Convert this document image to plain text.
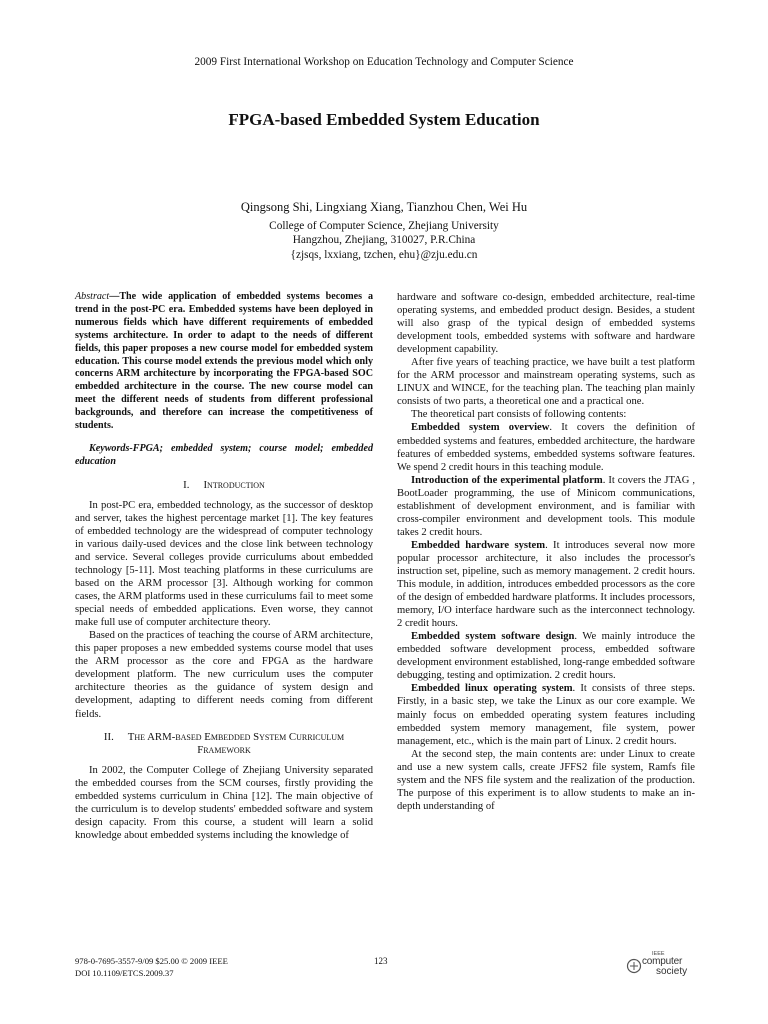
2009 First International Workshop on Education Technology and Computer Science
FPGA-based Embedded System Education
Qingsong Shi, Lingxiang Xiang, Tianzhou Chen, Wei Hu
College of Computer Science, Zhejiang University
Hangzhou, Zhejiang, 310027, P.R.China
{zjsqs, lxxiang, tzchen, ehu}@zju.edu.cn

Abstract—The wide application of embedded systems becomes a trend in the post-PC era. Embedded systems have been deployed in numerous fields which have different requirements of embedded systems architecture. In order to adapt to the needs of different fields, this paper proposes a new course model for embedded system education. This course model extends the previous model which only concerns ARM architecture by incorporating the FPGA-based SOC embedded architecture in the course. The new course model can meet the different needs of students from different professional backgrounds, and therefore can increase the competitiveness of students.

Keywords-FPGA; embedded system; course model; embedded education

I. Introduction

In post-PC era, embedded technology, as the successor of desktop and server, takes the highest percentage market [1]. The key features of embedded technology are the widespread of computer technology in various daily-used devices and the close link between technology and service. Several colleges provide curriculums about embedded technology [5-11]. Most teaching platforms in these curriculums are based on the ARM processor [3]. Although working for common cases, the ARM platforms used in these curriculums fail to meet some special needs of embedded applications. Even worse, they cannot make full use of computer architecture theory.

Based on the practices of teaching the course of ARM architecture, this paper proposes a new embedded systems course model that uses the ARM processor as the core and FPGA as the hardware development platform. The new curriculum uses the computer architecture theories as the guidance of system design and development, adapting to different needs coming from different fields.

II. The ARM-based Embedded System Curriculum
Framework

In 2002, the Computer College of Zhejiang University separated the embedded courses from the SCM courses, firstly providing the embedded systems curriculum in China [12]. The main objective of the curriculum is to develop students' embedded software and system design capacity. From this course, a student will learn a solid knowledge about embedded systems including the knowledge of

hardware and software co-design, embedded architecture, real-time operating systems, and embedded product design. Besides, a student will also grasp of the typical design of embedded systems development tools, embedded systems with software and hardware development capability.

After five years of teaching practice, we have built a test platform for the ARM processor and mainstream operating systems, such as LINUX and WINCE, for the teaching plan. The teaching plan mainly consists of two parts, a theoretical one and a practical one.

The theoretical part consists of following contents:

Embedded system overview. It covers the definition of embedded systems and features, embedded architecture, the hardware features of embedded systems, embedded systems software features. We spend 2 credit hours in this teaching module.

Introduction of the experimental platform. It covers the JTAG , BootLoader programming, the use of Minicom communications, establishment of development environment, and is familiar with cross-compiler environment and development tools. This module takes 2 credit hours.

Embedded hardware system. It introduces several now more popular processor architecture, it also includes the processor's instruction set, pipeline, such as memory management. 2 credit hours. This module, in addition, introduces embedded processors as the core of the design of embedded hardware platforms. It includes processors, memory, I/O interface hardware such as the interconnect technology. 2 credit hours.

Embedded system software design. We mainly introduce the embedded software development process, embedded software development environment established, long-range embedded software debugging, testing and optimization. 2 credit hours.

Embedded linux operating system. It consists of three steps. Firstly, in a basic step, we take the Linux as our core example. We mainly focus on embedded operating system features including embedded system memory management, file system, power management, etc., which is the main part of Linux. 2 credit hours.

At the second step, the main contents are: under Linux to create and use a new system calls, create JFFS2 file system, Ramfs file system and the NFS file system and the realization of the production. The purpose of this experiment is to allow students to make an in-depth understanding of

978-0-7695-3557-9/09 $25.00 © 2009 IEEE
DOI 10.1109/ETCS.2009.37
123
IEEE
computer
society
